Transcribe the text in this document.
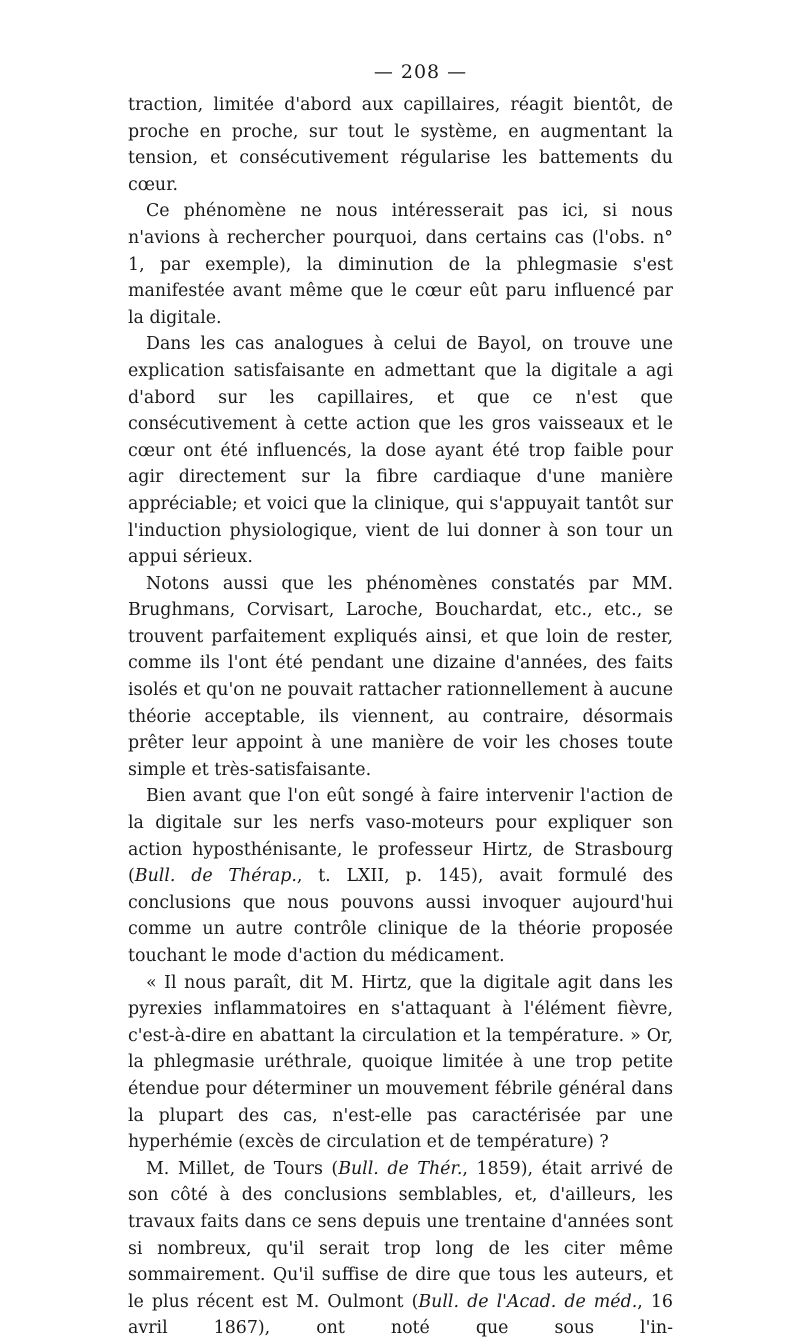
— 208 —

traction, limitée d'abord aux capillaires, réagit bientôt, de proche en proche, sur tout le système, en augmentant la tension, et consécutivement régularise les battements du cœur.

Ce phénomène ne nous intéresserait pas ici, si nous n'avions à rechercher pourquoi, dans certains cas (l'obs. n° 1, par exemple), la diminution de la phlegmasie s'est manifestée avant même que le cœur eût paru influencé par la digitale.

Dans les cas analogues à celui de Bayol, on trouve une explication satisfaisante en admettant que la digitale a agi d'abord sur les capillaires, et que ce n'est que consécutivement à cette action que les gros vaisseaux et le cœur ont été influencés, la dose ayant été trop faible pour agir directement sur la fibre cardiaque d'une manière appréciable; et voici que la clinique, qui s'appuyait tantôt sur l'induction physiologique, vient de lui donner à son tour un appui sérieux.

Notons aussi que les phénomènes constatés par MM. Brughmans, Corvisart, Laroche, Bouchardat, etc., etc., se trouvent parfaitement expliqués ainsi, et que loin de rester, comme ils l'ont été pendant une dizaine d'années, des faits isolés et qu'on ne pouvait rattacher rationnellement à aucune théorie acceptable, ils viennent, au contraire, désormais prêter leur appoint à une manière de voir les choses toute simple et très-satisfaisante.

Bien avant que l'on eût songé à faire intervenir l'action de la digitale sur les nerfs vaso-moteurs pour expliquer son action hyposthénisante, le professeur Hirtz, de Strasbourg (Bull. de Thérap., t. LXII, p. 145), avait formulé des conclusions que nous pouvons aussi invoquer aujourd'hui comme un autre contrôle clinique de la théorie proposée touchant le mode d'action du médicament.

« Il nous paraît, dit M. Hirtz, que la digitale agit dans les pyrexies inflammatoires en s'attaquant à l'élément fièvre, c'est-à-dire en abattant la circulation et la température. » Or, la phlegmasie uréthrale, quoique limitée à une trop petite étendue pour déterminer un mouvement fébrile général dans la plupart des cas, n'est-elle pas caractérisée par une hyperhémie (excès de circulation et de température) ?

M. Millet, de Tours (Bull. de Thér., 1859), était arrivé de son côté à des conclusions semblables, et, d'ailleurs, les travaux faits dans ce sens depuis une trentaine d'années sont si nombreux, qu'il serait trop long de les citer même sommairement. Qu'il suffise de dire que tous les auteurs, et le plus récent est M. Oulmont (Bull. de l'Acad. de méd., 16 avril 1867), ont noté que sous l'in-
